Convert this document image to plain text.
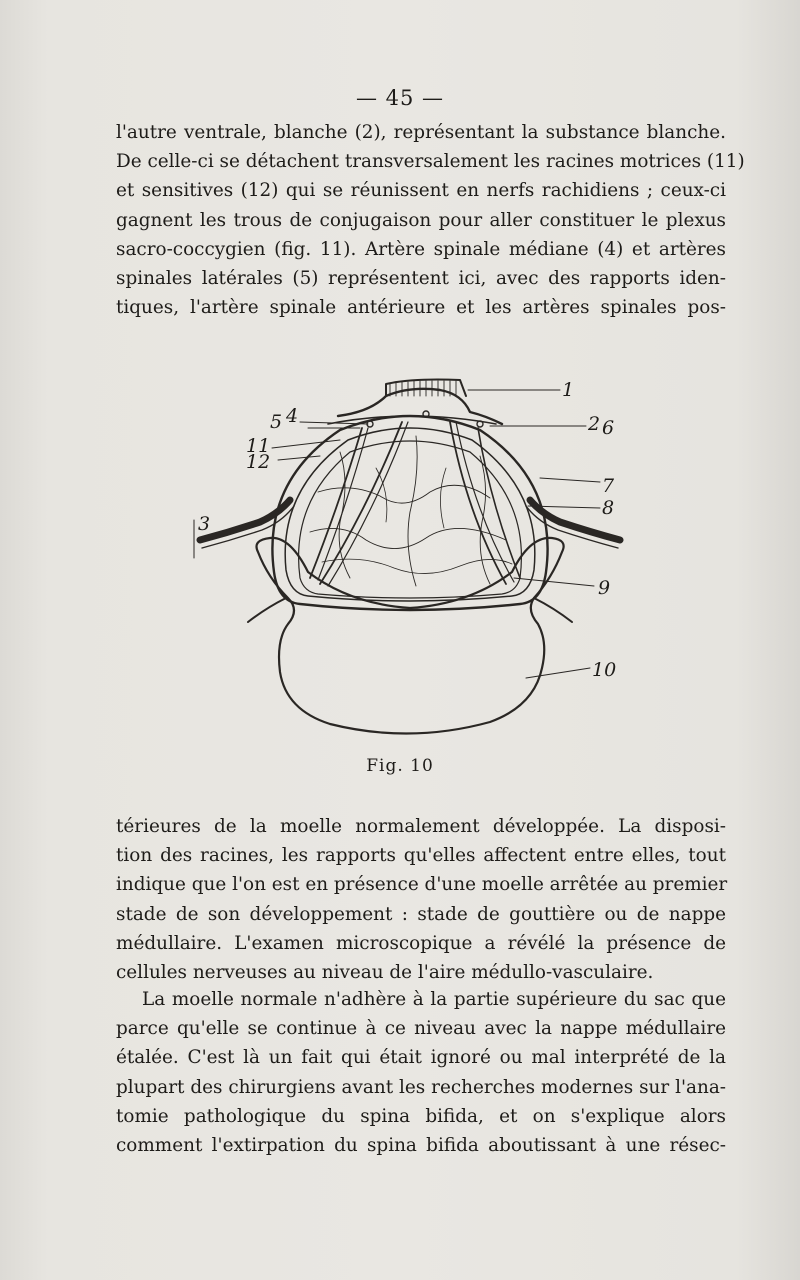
— 45 —

l'autre ventrale, blanche (2), représentant la substance blanche.
De celle-ci se détachent transversalement les racines motrices (11)
et sensitives (12) qui se réunissent en nerfs rachidiens ; ceux-ci
gagnent les trous de conjugaison pour aller constituer le plexus
sacro-coccygien (fig. 11). Artère spinale médiane (4) et artères
spinales latérales (5) représentent ici, avec des rapports iden-
tiques, l'artère spinale antérieure et les artères spinales pos-

1
2
3
4
5	6
7
8
9
10
11
12
Fig. 10

térieures de la moelle normalement développée. La disposi-
tion des racines, les rapports qu'elles affectent entre elles, tout
indique que l'on est en présence d'une moelle arrêtée au premier
stade de son développement : stade de gouttière ou de nappe
médullaire. L'examen microscopique a révélé la présence de
cellules nerveuses au niveau de l'aire médullo-vasculaire.

La moelle normale n'adhère à la partie supérieure du sac que
parce qu'elle se continue à ce niveau avec la nappe médullaire
étalée. C'est là un fait qui était ignoré ou mal interprété de la
plupart des chirurgiens avant les recherches modernes sur l'ana-
tomie pathologique du spina bifida, et on s'explique alors
comment l'extirpation du spina bifida aboutissant à une résec-
